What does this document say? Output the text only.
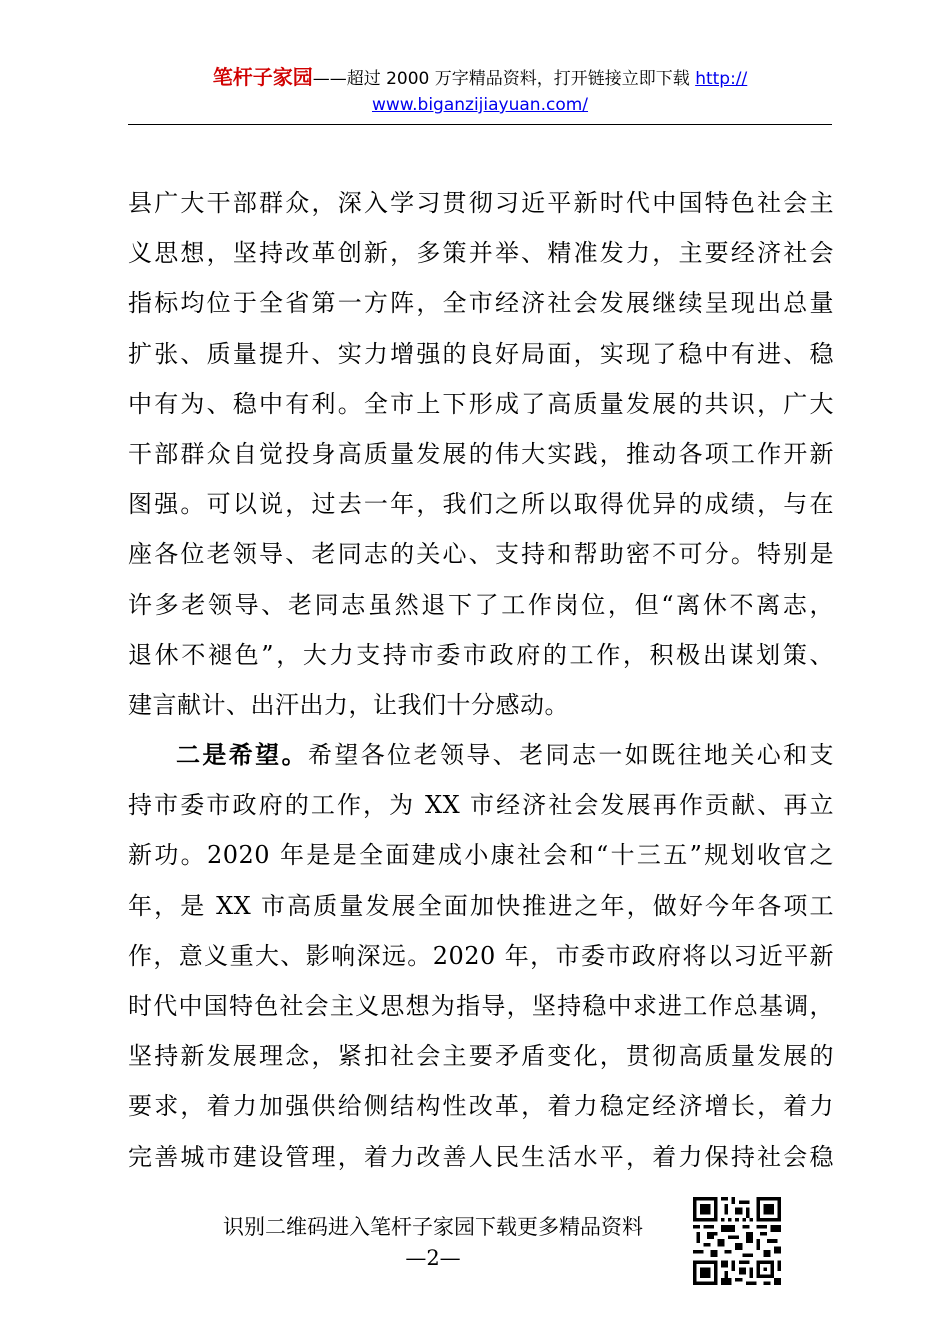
笔杆子家园——超过 2000 万字精品资料，打开链接立即下载 http://
www.biganzijiayuan.com/
县广大干部群众，深入学习贯彻习近平新时代中国特色社会主
义思想，坚持改革创新，多策并举、精准发力，主要经济社会
指标均位于全省第一方阵，全市经济社会发展继续呈现出总量
扩张、质量提升、实力增强的良好局面，实现了稳中有进、稳
中有为、稳中有利。全市上下形成了高质量发展的共识，广大
干部群众自觉投身高质量发展的伟大实践，推动各项工作开新
图强。可以说，过去一年，我们之所以取得优异的成绩，与在
座各位老领导、老同志的关心、支持和帮助密不可分。特别是
许多老领导、老同志虽然退下了工作岗位，但“离休不离志，
退休不褪色”，大力支持市委市政府的工作，积极出谋划策、
建言献计、出汗出力，让我们十分感动。
二是希望。希望各位老领导、老同志一如既往地关心和支
持市委市政府的工作，为 XX 市经济社会发展再作贡献、再立
新功。2020 年是是全面建成小康社会和“十三五”规划收官之
年，是 XX 市高质量发展全面加快推进之年，做好今年各项工
作，意义重大、影响深远。2020 年，市委市政府将以习近平新
时代中国特色社会主义思想为指导，坚持稳中求进工作总基调，
坚持新发展理念，紧扣社会主要矛盾变化，贯彻高质量发展的
要求，着力加强供给侧结构性改革，着力稳定经济增长，着力
完善城市建设管理，着力改善人民生活水平，着力保持社会稳
识别二维码进入笔杆子家园下载更多精品资料
—2—
